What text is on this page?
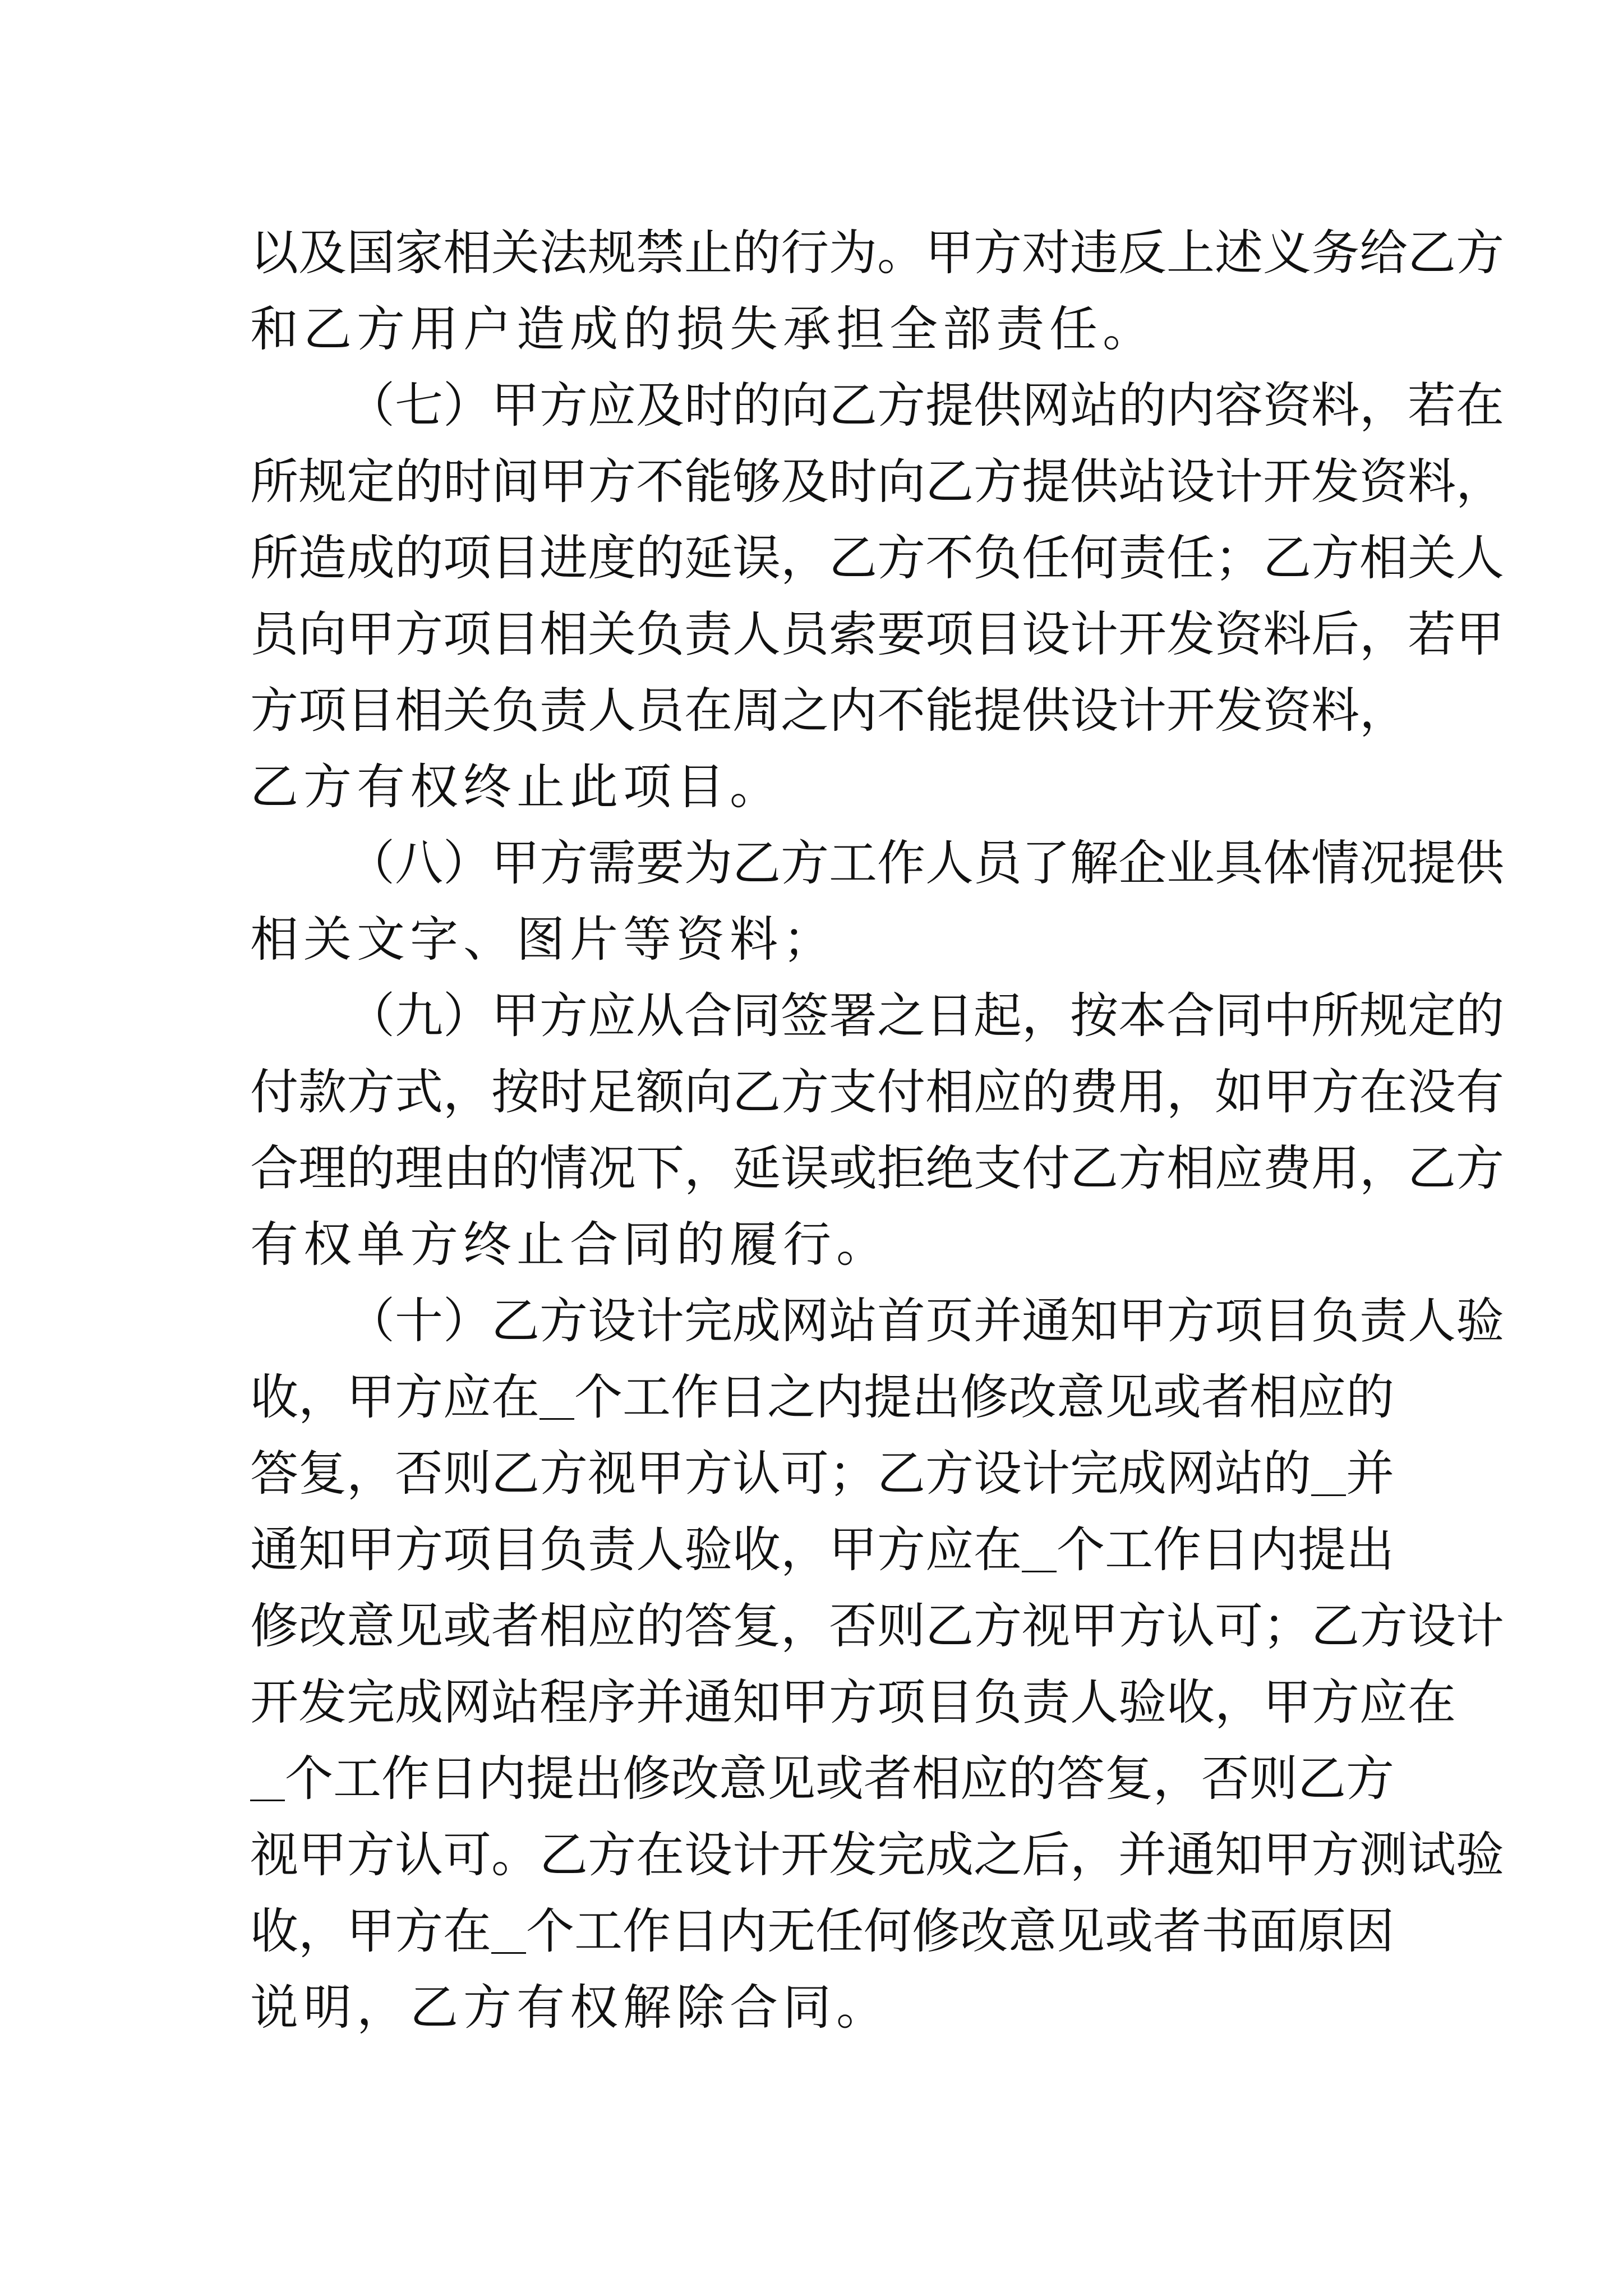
以 及 国 家 相 关 法 规 禁 止 的 行 为 。 甲 方 对 违 反 上 述 义 务 给 乙 方
和 乙 方 用 户 造 成 的 损 失 承 担 全 部 责 任 。
（ 七 ） 甲 方 应 及 时 的 向 乙 方 提 供 网 站 的 内 容 资 料 ， 若 在
所 规 定 的 时 间 甲 方 不 能 够 及 时 向 乙 方 提 供 站 设 计 开 发 资 料 ，
所 造 成 的 项 目 进 度 的 延 误 ， 乙 方 不 负 任 何 责 任 ； 乙 方 相 关 人
员 向 甲 方 项 目 相 关 负 责 人 员 索 要 项 目 设 计 开 发 资 料 后 ， 若 甲
方 项 目 相 关 负 责 人 员 在 周 之 内 不 能 提 供 设 计 开 发 资 料 ，
乙 方 有 权 终 止 此 项 目 。
（ 八 ） 甲 方 需 要 为 乙 方 工 作 人 员 了 解 企 业 具 体 情 况 提 供
相 关 文 字 、 图 片 等 资 料 ；
（ 九 ） 甲 方 应 从 合 同 签 署 之 日 起 ， 按 本 合 同 中 所 规 定 的
付 款 方 式 ， 按 时 足 额 向 乙 方 支 付 相 应 的 费 用 ， 如 甲 方 在 没 有
合 理 的 理 由 的 情 况 下 ， 延 误 或 拒 绝 支 付 乙 方 相 应 费 用 ， 乙 方
有 权 单 方 终 止 合 同 的 履 行 。
（ 十 ） 乙 方 设 计 完 成 网 站 首 页 并 通 知 甲 方 项 目 负 责 人 验
收 ， 甲 方 应 在 个 工 作 日 之 内 提 出 修 改 意 见 或 者 相 应 的
答 复 ， 否 则 乙 方 视 甲 方 认 可 ； 乙 方 设 计 完 成 网 站 的 并
通 知 甲 方 项 目 负 责 人 验 收 ， 甲 方 应 在 个 工 作 日 内 提 出
修 改 意 见 或 者 相 应 的 答 复 ， 否 则 乙 方 视 甲 方 认 可 ； 乙 方 设 计
开 发 完 成 网 站 程 序 并 通 知 甲 方 项 目 负 责 人 验 收 ， 甲 方 应 在
个 工 作 日 内 提 出 修 改 意 见 或 者 相 应 的 答 复 ， 否 则 乙 方
视 甲 方 认 可 。 乙 方 在 设 计 开 发 完 成 之 后 ， 并 通 知 甲 方 测 试 验
收 ， 甲 方 在 个 工 作 日 内 无 任 何 修 改 意 见 或 者 书 面 原 因
说 明 ， 乙 方 有 权 解 除 合 同 。
